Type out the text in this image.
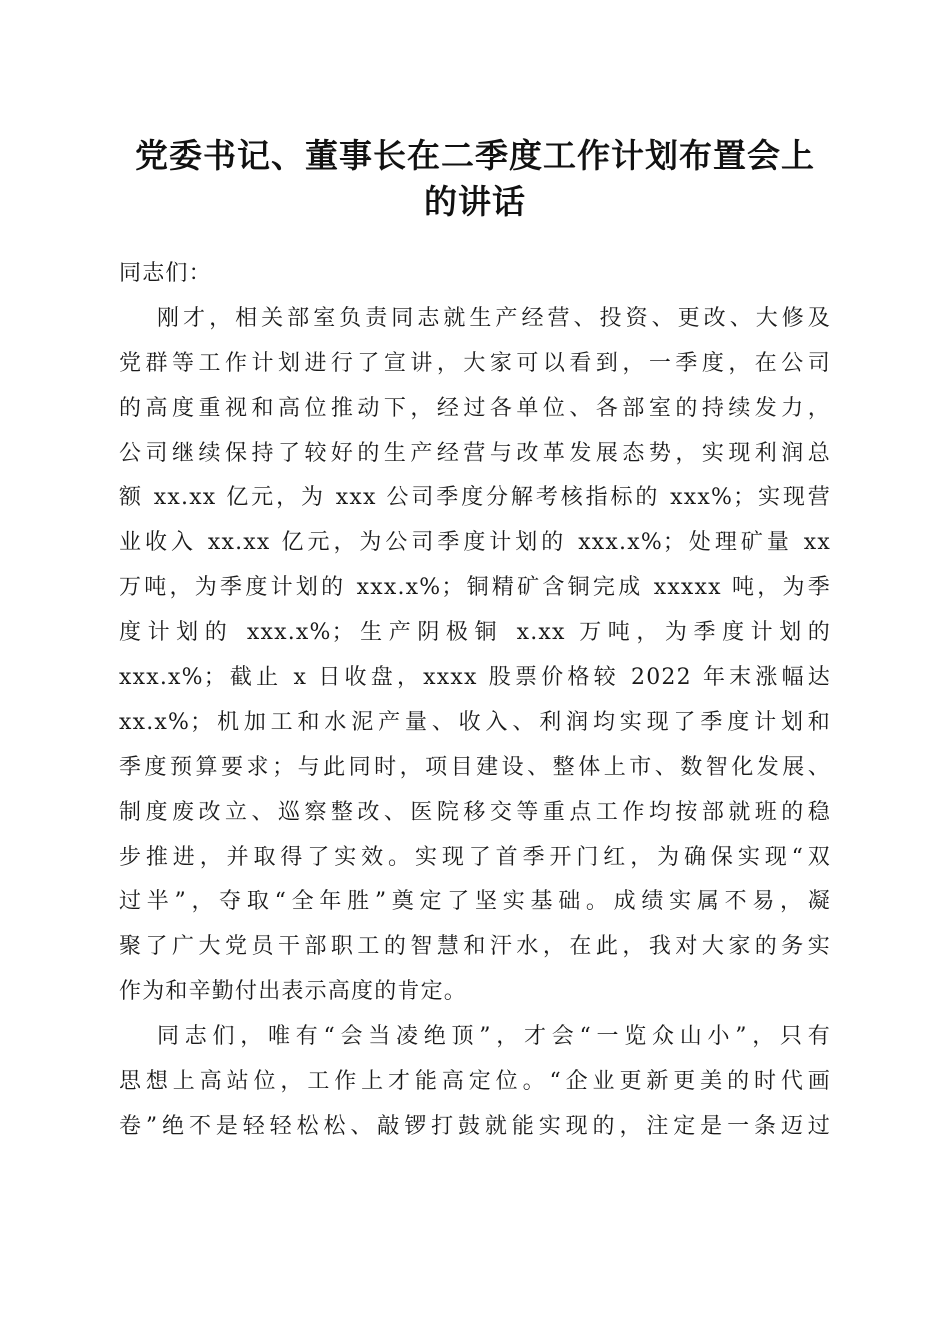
党委书记、董事长在二季度工作计划布置会上
的讲话
同志们：
刚才，相关部室负责同志就生产经营、投资、更改、大修及
党群等工作计划进行了宣讲，大家可以看到，一季度，在公司
的高度重视和高位推动下，经过各单位、各部室的持续发力，
公司继续保持了较好的生产经营与改革发展态势，实现利润总
额 xx.xx 亿元，为 xxx 公司季度分解考核指标的 xxx%；实现营
业收入 xx.xx 亿元，为公司季度计划的 xxx.x%；处理矿量 xx
万吨，为季度计划的 xxx.x%；铜精矿含铜完成 xxxxx 吨，为季
度计划的 xxx.x%；生产阴极铜 x.xx 万吨，为季度计划的
xxx.x%；截止 x 日收盘，xxxx 股票价格较 2022 年末涨幅达
xx.x%；机加工和水泥产量、收入、利润均实现了季度计划和
季度预算要求；与此同时，项目建设、整体上市、数智化发展、
制度废改立、巡察整改、医院移交等重点工作均按部就班的稳
步推进，并取得了实效。实现了首季开门红，为确保实现“双
过半”，夺取“全年胜”奠定了坚实基础。成绩实属不易，凝
聚了广大党员干部职工的智慧和汗水，在此，我对大家的务实
作为和辛勤付出表示高度的肯定。
同志们，唯有“会当凌绝顶”，才会“一览众山小”，只有
思想上高站位，工作上才能高定位。“企业更新更美的时代画
卷”绝不是轻轻松松、敲锣打鼓就能实现的，注定是一条迈过
